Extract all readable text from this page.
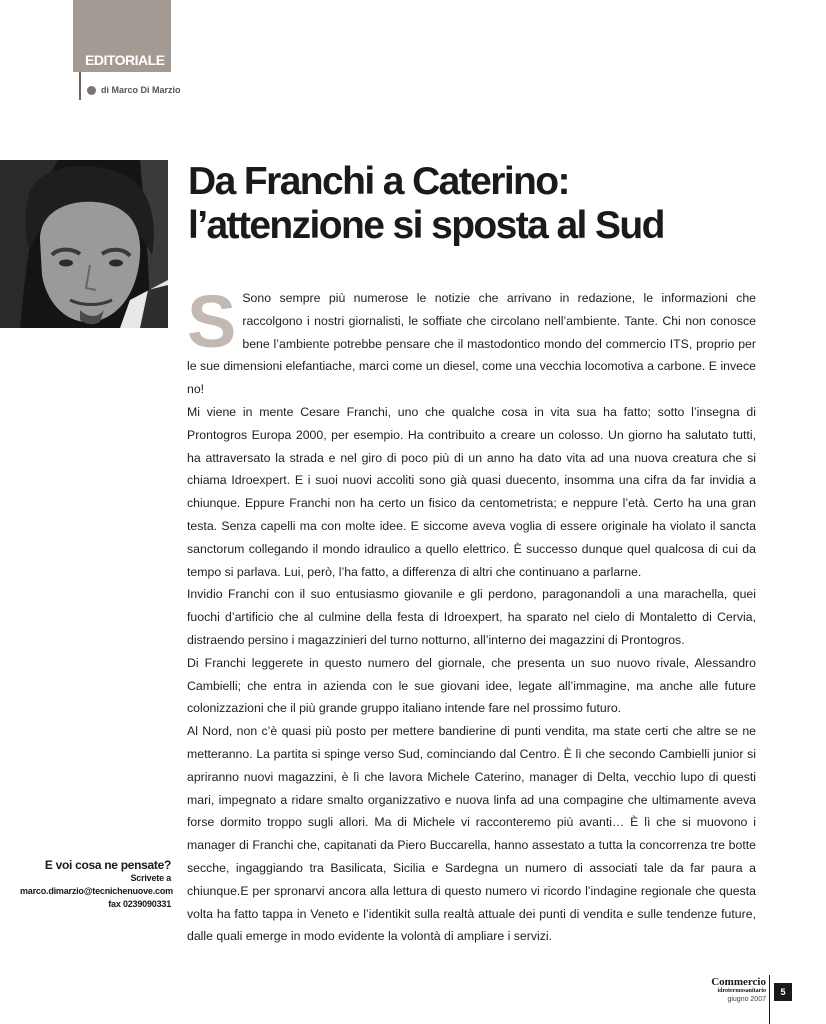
EDITORIALE
di Marco Di Marzio
Da Franchi a Caterino:
l’attenzione si sposta al Sud
S Sono sempre più numerose le notizie che arrivano in redazione, le informazioni che raccolgono i nostri giornalisti, le soffiate che circolano nell’ambiente. Tante. Chi non conosce bene l’ambiente potrebbe pensare che il mastodontico mondo del commercio ITS, proprio per le sue dimensioni elefantiache, marci come un diesel, come una vecchia locomotiva a carbone. E invece no!

Mi viene in mente Cesare Franchi, uno che qualche cosa in vita sua ha fatto; sotto l’insegna di Prontogros Europa 2000, per esempio. Ha contribuito a creare un colosso. Un giorno ha salutato tutti, ha attraversato la strada e nel giro di poco più di un anno ha dato vita ad una nuova creatura che si chiama Idroexpert. E i suoi nuovi accoliti sono già quasi duecento, insomma una cifra da far invidia a chiunque. Eppure Franchi non ha certo un fisico da centometrista; e neppure l’età. Certo ha una gran testa. Senza capelli ma con molte idee. E siccome aveva voglia di essere originale ha violato il sancta sanctorum collegando il mondo idraulico a quello elettrico. È successo dunque quel qualcosa di cui da tempo si parlava. Lui, però, l’ha fatto, a differenza di altri che continuano a parlarne.

Invidio Franchi con il suo entusiasmo giovanile e gli perdono, paragonandoli a una marachella, quei fuochi d’artificio che al culmine della festa di Idroexpert, ha sparato nel cielo di Montaletto di Cervia, distraendo persino i magazzinieri del turno notturno, all’interno dei magazzini di Prontogros.

Di Franchi leggerete in questo numero del giornale, che presenta un suo nuovo rivale, Alessandro Cambielli; che entra in azienda con le sue giovani idee, legate all’immagine, ma anche alle future colonizzazioni che il più grande gruppo italiano intende fare nel prossimo futuro.

Al Nord, non c’è quasi più posto per mettere bandierine di punti vendita, ma state certi che altre se ne metteranno. La partita si spinge verso Sud, cominciando dal Centro. È lì che secondo Cambielli junior si apriranno nuovi magazzini, è lì che lavora Michele Caterino, manager di Delta, vecchio lupo di questi mari, impegnato a ridare smalto organizzativo e nuova linfa ad una compagine che ultimamente aveva forse dormito troppo sugli allori. Ma di Michele vi racconteremo più avanti… È lì che si muovono i manager di Franchi che, capitanati da Piero Buccarella, hanno assestato a tutta la concorrenza tre botte secche, ingaggiando tra Basilicata, Sicilia e Sardegna un numero di associati tale da far paura a chiunque.E per spronarvi ancora alla lettura di questo numero vi ricordo l’indagine regionale che questa volta ha fatto tappa in Veneto e l’identikit sulla realtà attuale dei punti di vendita e sulle tendenze future, dalle quali emerge in modo evidente la volontà di ampliare i servizi.

E voi cosa ne pensate?
Scrivete a
marco.dimarzio@tecnichenuove.com
fax 0239090331
Commercio
idrotermosanitario
giugno 2007
5
